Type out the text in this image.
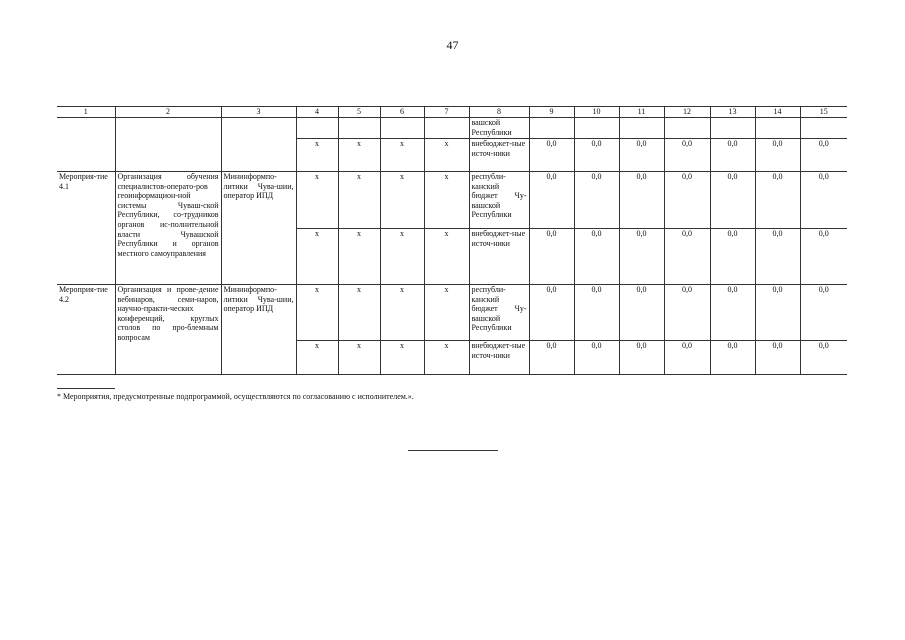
47
1	2	3	4	5	6	7	8	9	10	11	12	13	14	15
							вашской Республики							
			х	х	х	х	внебюджет-ные источ-ники	0,0	0,0	0,0	0,0	0,0	0,0	0,0
Мероприя-тие 4.1	Организация обучения специалистов-операто-ров геоинформацион-ной системы Чуваш-ской Республики, со-трудников органов ис-полнительной власти Чувашской Республики и органов местного самоуправления	Мининформпо-литики Чува-шии, оператор ИПД	х	х	х	х	республи-канский бюджет Чу-вашской Республики	0,0	0,0	0,0	0,0	0,0	0,0	0,0
			х	х	х	х	внебюджет-ные источ-ники	0,0	0,0	0,0	0,0	0,0	0,0	0,0
Мероприя-тие 4.2	Организация и прове-дение вебинаров, семи-наров, научно-практи-ческих конференций, круглых столов по про-блемным вопросам	Мининформпо-литики Чува-шии, оператор ИПД	х	х	х	х	республи-канский бюджет Чу-вашской Республики	0,0	0,0	0,0	0,0	0,0	0,0	0,0
			х	х	х	х	внебюджет-ные источ-ники	0,0	0,0	0,0	0,0	0,0	0,0	0,0
* Мероприятия, предусмотренные подпрограммой, осуществляются по согласованию с исполнителем.».
